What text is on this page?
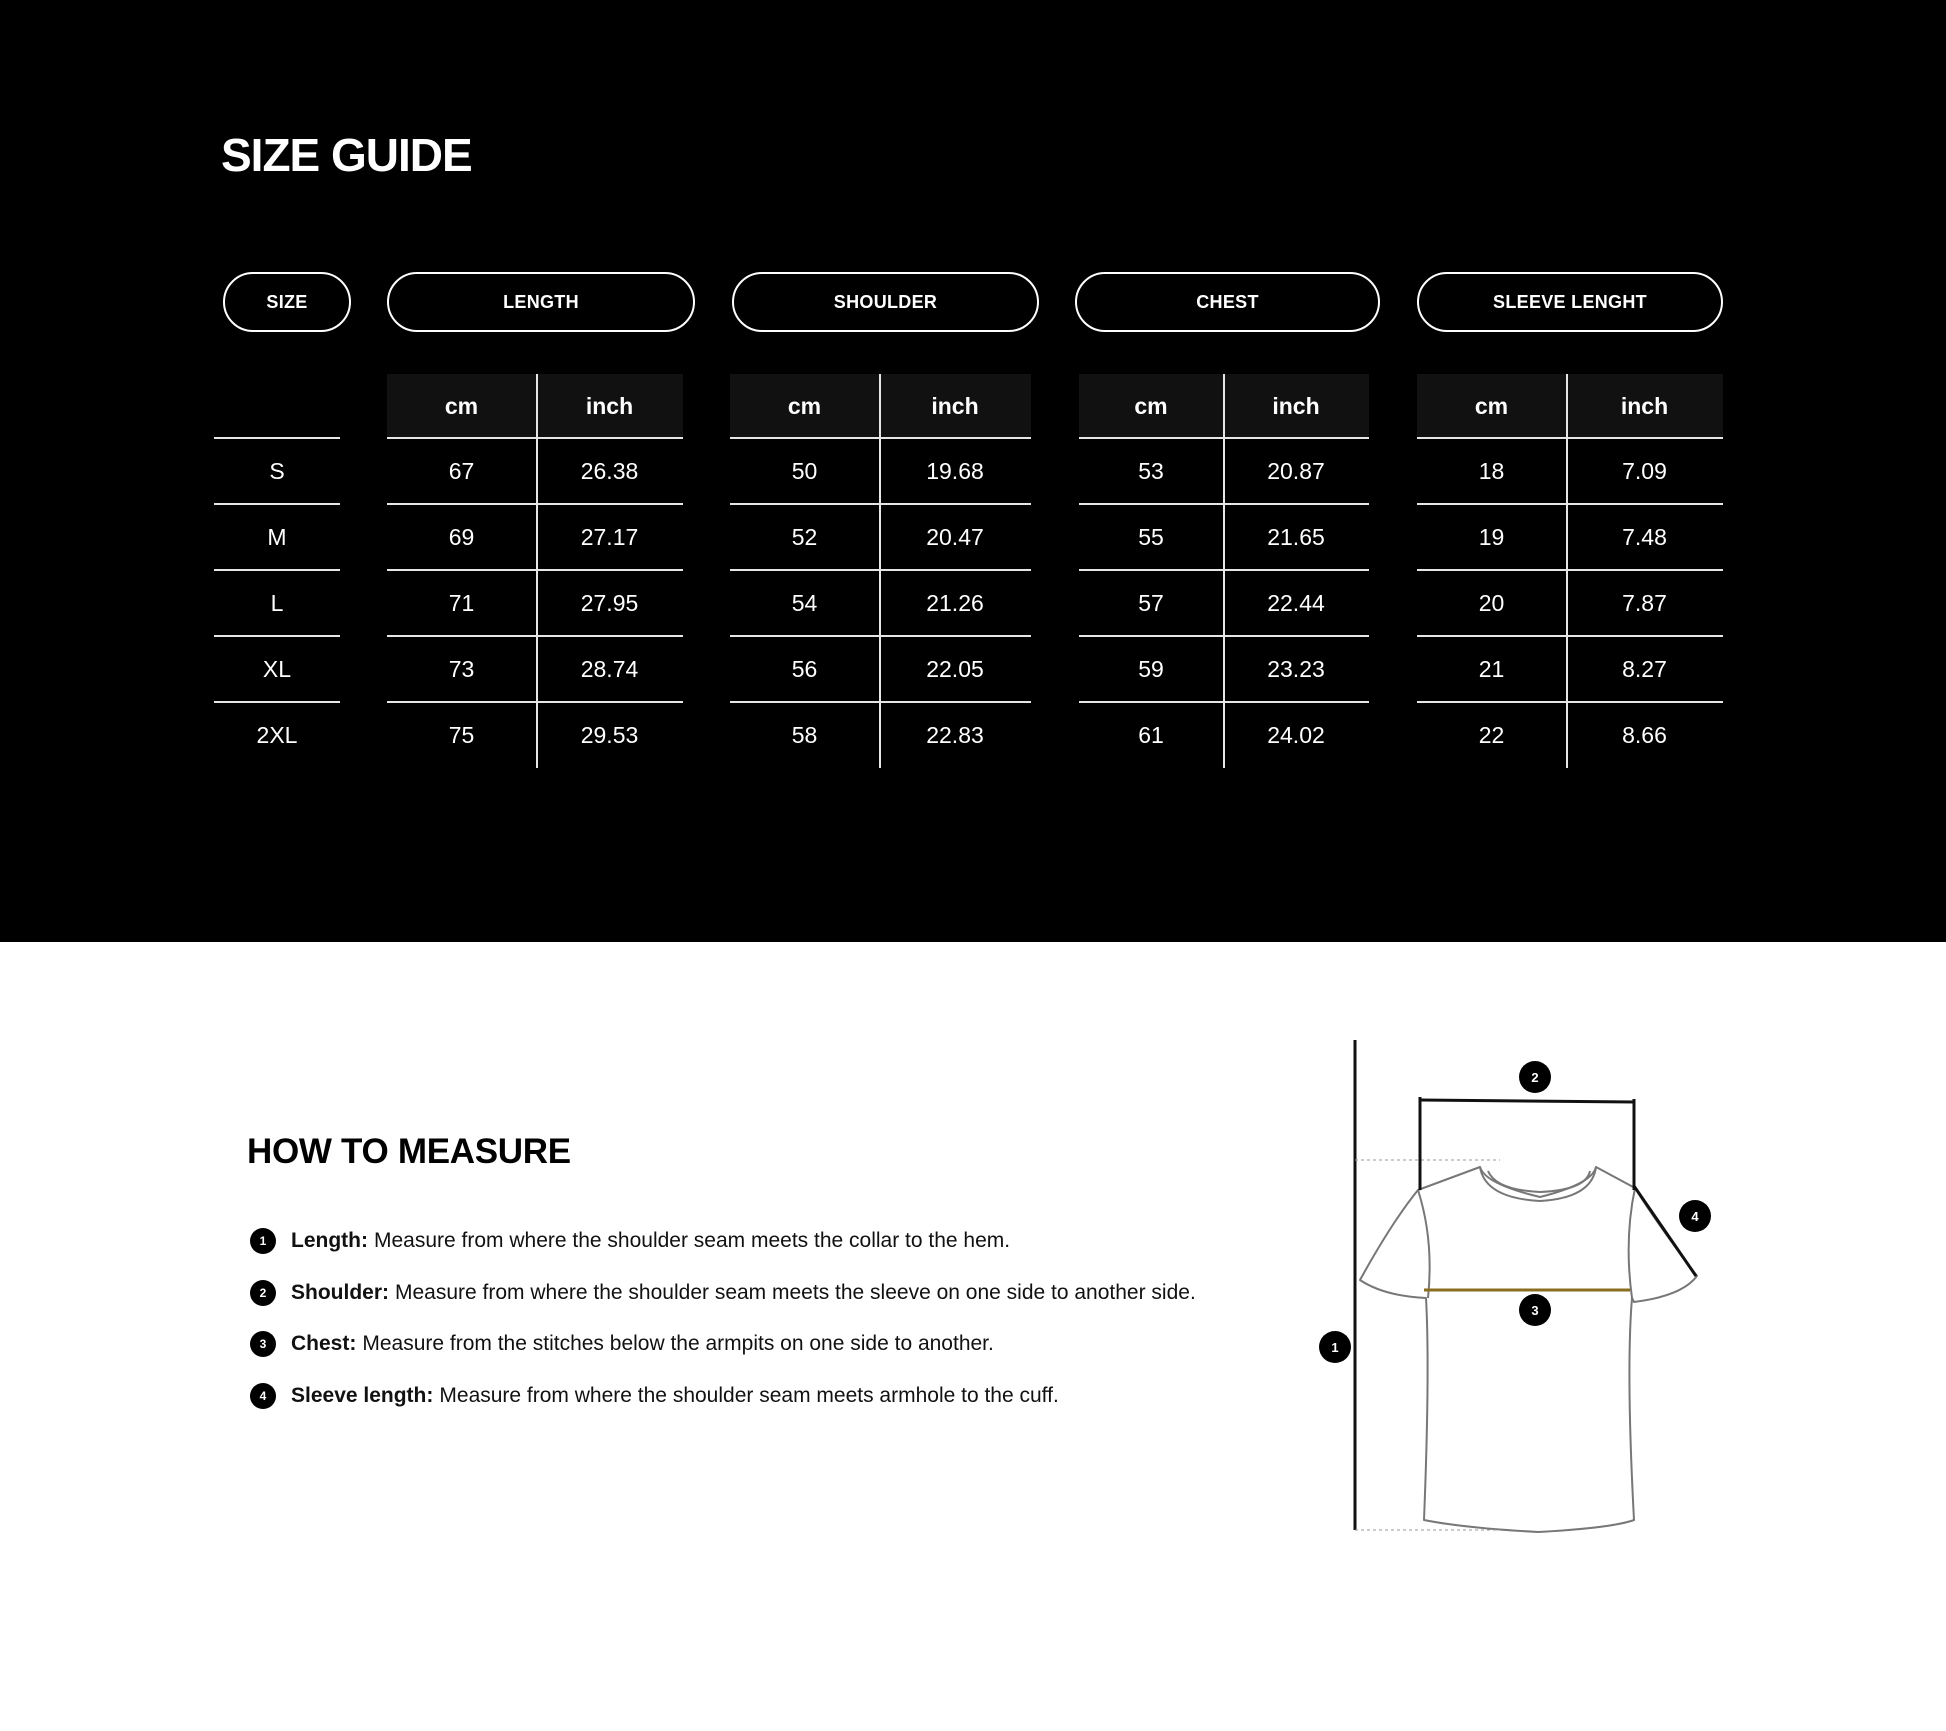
SIZE GUIDE
SIZE	LENGTH	SHOULDER	CHEST	SLEEVE LENGHT
cm	inch	cm	inch	cm	inch	cm	inch
S	67	26.38	50	19.68	53	20.87	18	7.09
M	69	27.17	52	20.47	55	21.65	19	7.48
L	71	27.95	54	21.26	57	22.44	20	7.87
XL	73	28.74	56	22.05	59	23.23	21	8.27
2XL	75	29.53	58	22.83	61	24.02	22	8.66
HOW TO MEASURE
1	Length: Measure from where the shoulder seam meets the collar to the hem.
2	Shoulder: Measure from where the shoulder seam meets the sleeve on one side to another side.
3	Chest: Measure from the stitches below the armpits on one side to another.
4	Sleeve length: Measure from where the shoulder seam meets armhole to the cuff.
1
2
3
4
